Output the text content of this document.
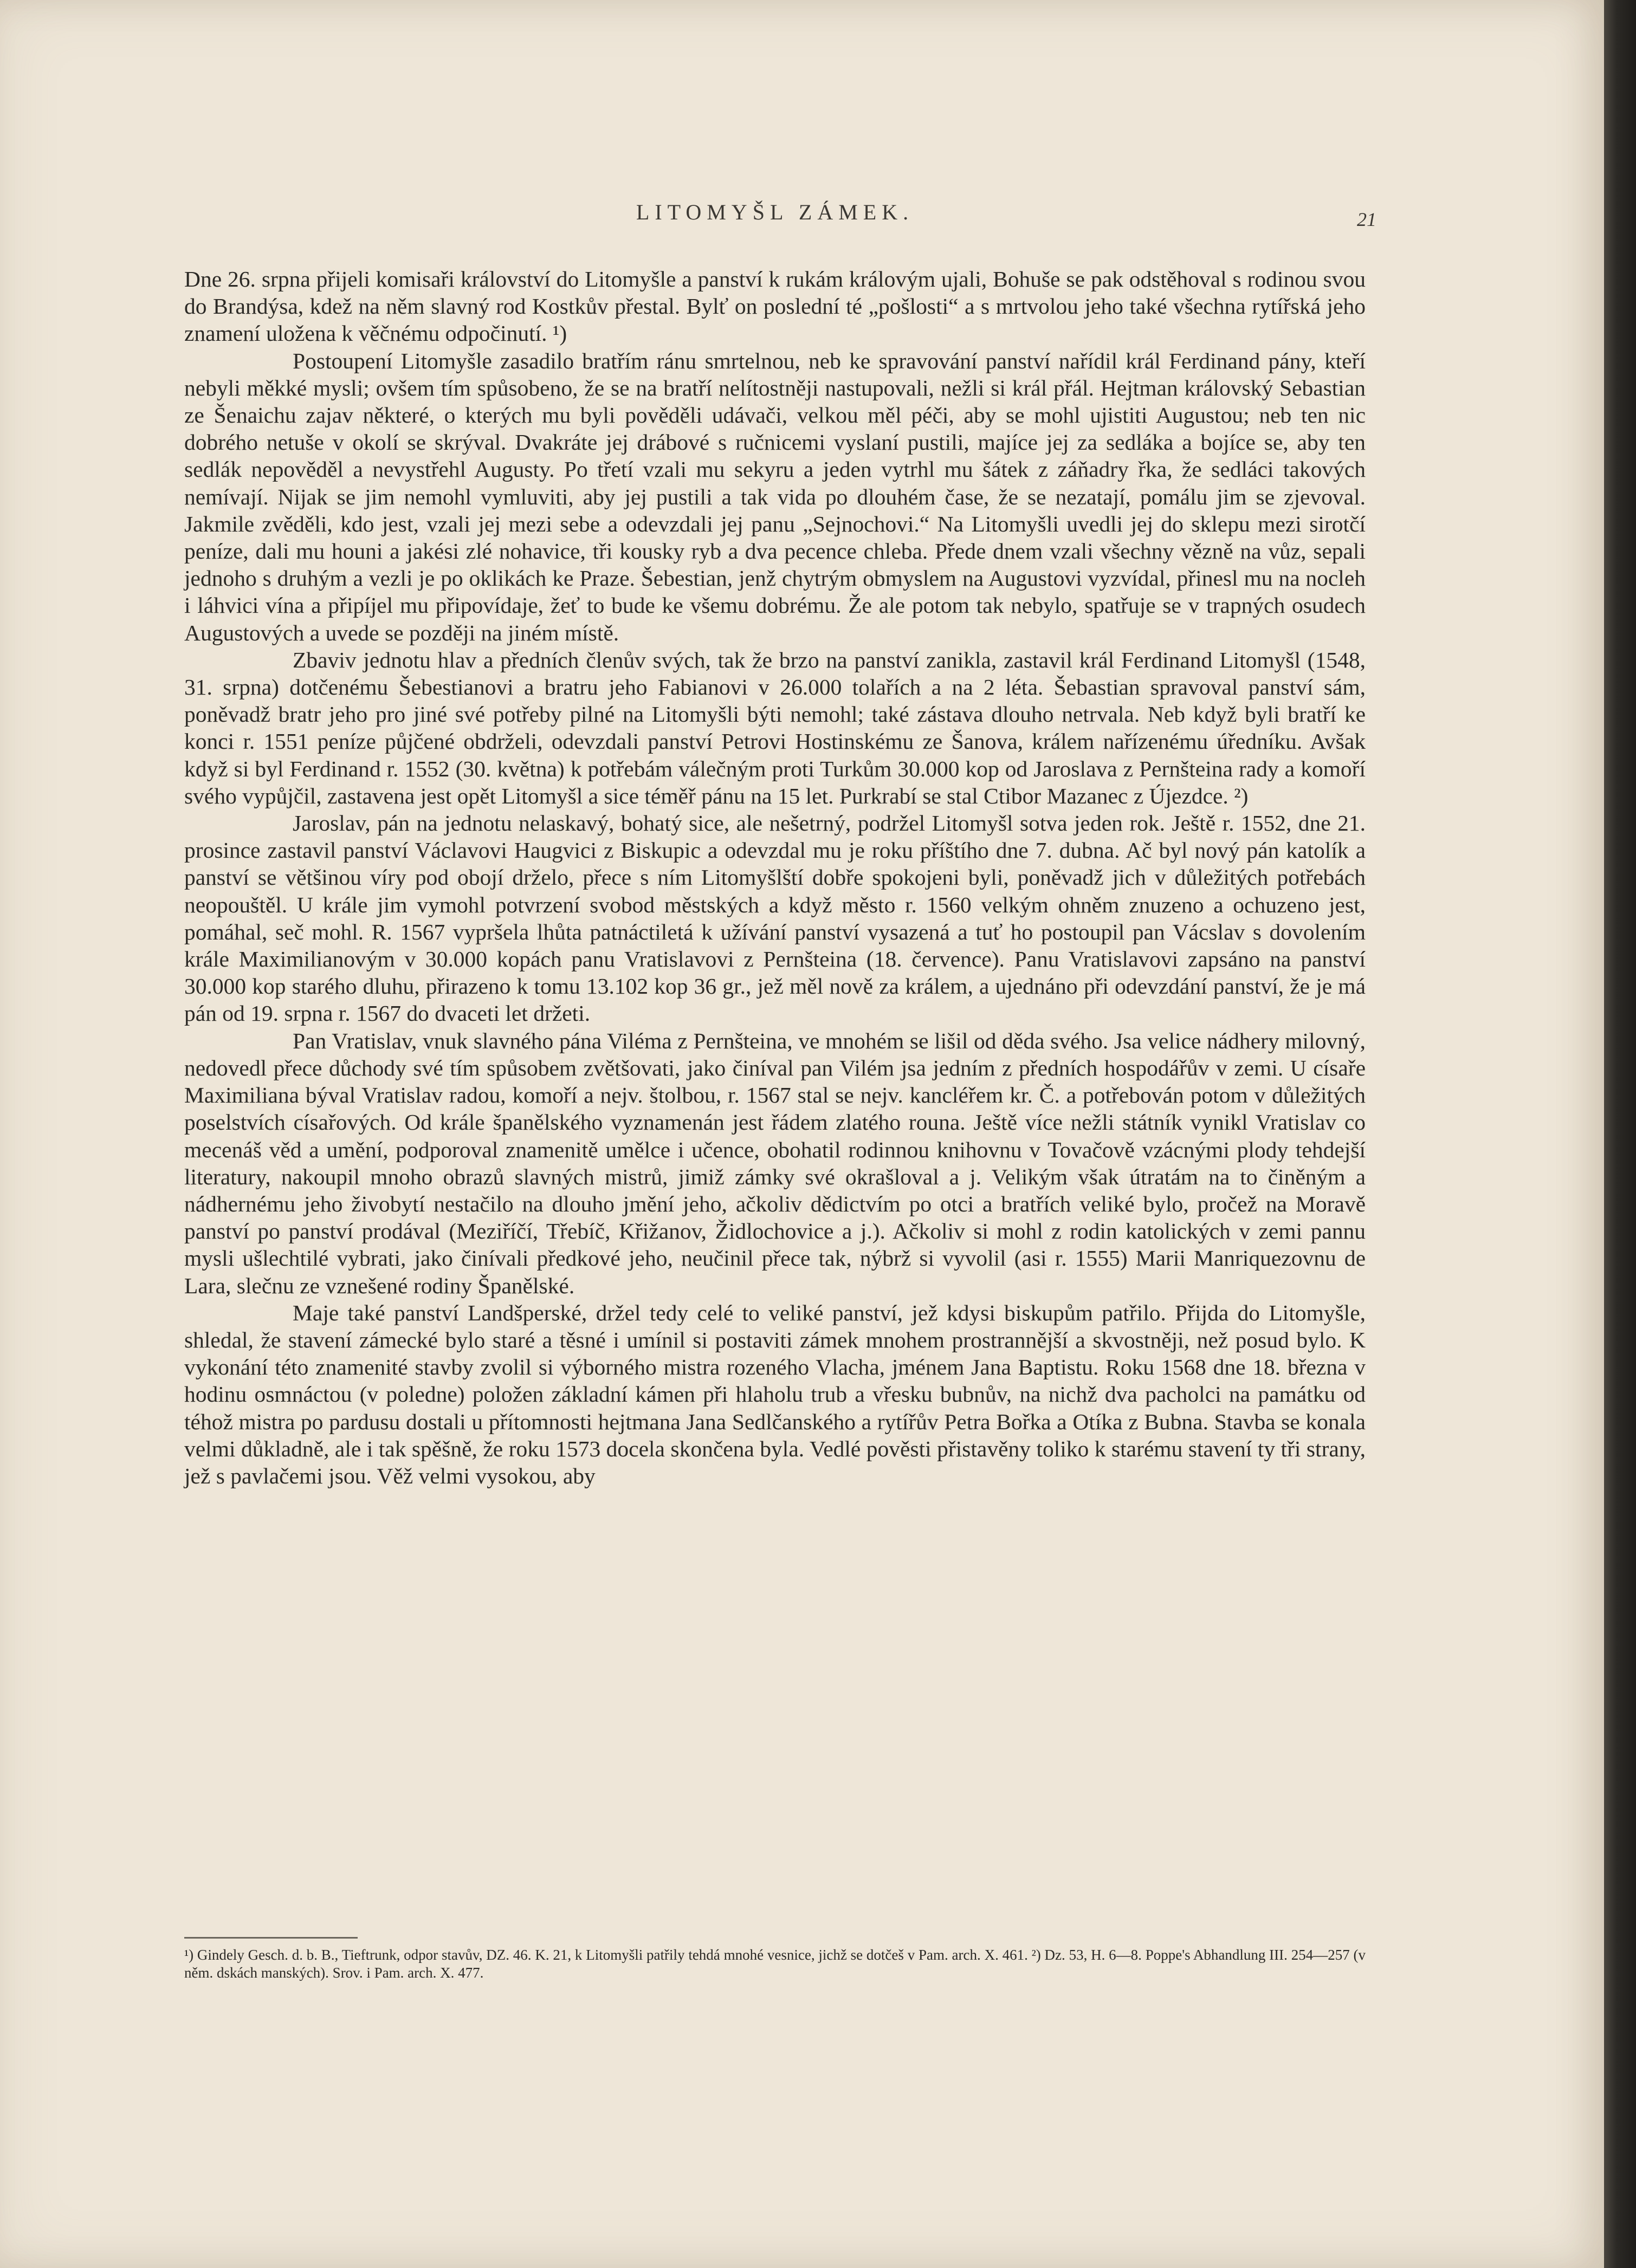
LITOMYŠL ZÁMEK.	21

Dne 26. srpna přijeli komisaři království do Litomyšle a panství k rukám královým ujali, Bohuše se pak odstěhoval s rodinou svou do Brandýsa, kdež na něm slavný rod Kostkův přestal. Bylť on poslední té „pošlosti“ a s mrtvolou jeho také všechna rytířská jeho znamení uložena k věčnému odpočinutí. ¹)

Postoupení Litomyšle zasadilo bratřím ránu smrtelnou, neb ke spravování panství nařídil král Ferdinand pány, kteří nebyli měkké mysli; ovšem tím spůsobeno, že se na bratří nelítostněji nastupovali, nežli si král přál. Hejtman královský Sebastian ze Šenaichu zajav některé, o kterých mu byli pověděli udávači, velkou měl péči, aby se mohl ujistiti Augustou; neb ten nic dobrého netuše v okolí se skrýval. Dvakráte jej drábové s ručnicemi vyslaní pustili, majíce jej za sedláka a bojíce se, aby ten sedlák nepověděl a nevystřehl Augusty. Po třetí vzali mu sekyru a jeden vytrhl mu šátek z záňadry řka, že sedláci takových nemívají. Nijak se jim nemohl vymluviti, aby jej pustili a tak vida po dlouhém čase, že se nezatají, pomálu jim se zjevoval. Jakmile zvěděli, kdo jest, vzali jej mezi sebe a odevzdali jej panu „Sejnochovi.“ Na Litomyšli uvedli jej do sklepu mezi sirotčí peníze, dali mu houni a jakési zlé nohavice, tři kousky ryb a dva pecence chleba. Přede dnem vzali všechny vězně na vůz, sepali jednoho s druhým a vezli je po oklikách ke Praze. Šebestian, jenž chytrým obmyslem na Augustovi vyzvídal, přinesl mu na nocleh i láhvici vína a připíjel mu připovídaje, žeť to bude ke všemu dobrému. Že ale potom tak nebylo, spatřuje se v trapných osudech Augustových a uvede se později na jiném místě.

Zbaviv jednotu hlav a předních členův svých, tak že brzo na panství zanikla, zastavil král Ferdinand Litomyšl (1548, 31. srpna) dotčenému Šebestianovi a bratru jeho Fabianovi v 26.000 tolařích a na 2 léta. Šebastian spravoval panství sám, poněvadž bratr jeho pro jiné své potřeby pilné na Litomyšli býti nemohl; také zástava dlouho netrvala. Neb když byli bratří ke konci r. 1551 peníze půjčené obdrželi, odevzdali panství Petrovi Hostinskému ze Šanova, králem nařízenému úředníku. Avšak když si byl Ferdinand r. 1552 (30. května) k potřebám válečným proti Turkům 30.000 kop od Jaroslava z Pernšteina rady a komoří svého vypůjčil, zastavena jest opět Litomyšl a sice téměř pánu na 15 let. Purkrabí se stal Ctibor Mazanec z Újezdce. ²)

Jaroslav, pán na jednotu nelaskavý, bohatý sice, ale nešetrný, podržel Litomyšl sotva jeden rok. Ještě r. 1552, dne 21. prosince zastavil panství Václavovi Haugvici z Biskupic a odevzdal mu je roku příštího dne 7. dubna. Ač byl nový pán katolík a panství se většinou víry pod obojí drželo, přece s ním Litomyšlští dobře spokojeni byli, poněvadž jich v důležitých potřebách neopouštěl. U krále jim vymohl potvrzení svobod městských a když město r. 1560 velkým ohněm znuzeno a ochuzeno jest, pomáhal, seč mohl. R. 1567 vypršela lhůta patnáctiletá k užívání panství vysazená a tuť ho postoupil pan Vácslav s dovolením krále Maximilianovým v 30.000 kopách panu Vratislavovi z Pernšteina (18. července). Panu Vratislavovi zapsáno na panství 30.000 kop starého dluhu, přirazeno k tomu 13.102 kop 36 gr., jež měl nově za králem, a ujednáno při odevzdání panství, že je má pán od 19. srpna r. 1567 do dvaceti let držeti.

Pan Vratislav, vnuk slavného pána Viléma z Pernšteina, ve mnohém se lišil od děda svého. Jsa velice nádhery milovný, nedovedl přece důchody své tím spůsobem zvětšovati, jako činíval pan Vilém jsa jedním z předních hospodářův v zemi. U císaře Maximiliana býval Vratislav radou, komoří a nejv. štolbou, r. 1567 stal se nejv. kancléřem kr. Č. a potřebován potom v důležitých poselstvích císařových. Od krále španělského vyznamenán jest řádem zlatého rouna. Ještě více nežli státník vynikl Vratislav co mecenáš věd a umění, podporoval znamenitě umělce i učence, obohatil rodinnou knihovnu v Tovačově vzácnými plody tehdejší literatury, nakoupil mnoho obrazů slavných mistrů, jimiž zámky své okrašloval a j. Velikým však útratám na to činěným a nádhernému jeho živobytí nestačilo na dlouho jmění jeho, ačkoliv dědictvím po otci a bratřích veliké bylo, pročež na Moravě panství po panství prodával (Meziříčí, Třebíč, Křižanov, Židlochovice a j.). Ačkoliv si mohl z rodin katolických v zemi pannu mysli ušlechtilé vybrati, jako činívali předkové jeho, neučinil přece tak, nýbrž si vyvolil (asi r. 1555) Marii Manriquezovnu de Lara, slečnu ze vznešené rodiny Španělské.

Maje také panství Landšperské, držel tedy celé to veliké panství, jež kdysi biskupům patřilo. Přijda do Litomyšle, shledal, že stavení zámecké bylo staré a těsné i umínil si postaviti zámek mnohem prostrannější a skvostněji, než posud bylo. K vykonání této znamenité stavby zvolil si výborného mistra rozeného Vlacha, jménem Jana Baptistu. Roku 1568 dne 18. března v hodinu osmnáctou (v poledne) položen základní kámen při hlaholu trub a vřesku bubnův, na nichž dva pacholci na památku od téhož mistra po pardusu dostali u přítomnosti hejtmana Jana Sedlčanského a rytířův Petra Bořka a Otíka z Bubna. Stavba se konala velmi důkladně, ale i tak spěšně, že roku 1573 docela skončena byla. Vedlé pověsti přistavěny toliko k starému stavení ty tři strany, jež s pavlačemi jsou. Věž velmi vysokou, aby

¹) Gindely Gesch. d. b. B., Tieftrunk, odpor stavův, DZ. 46. K. 21, k Litomyšli patřily tehdá mnohé vesnice, jichž se dotčeš v Pam. arch. X. 461. ²) Dz. 53, H. 6—8. Poppe's Abhandlung III. 254—257 (v něm. dskách manských). Srov. i Pam. arch. X. 477.
